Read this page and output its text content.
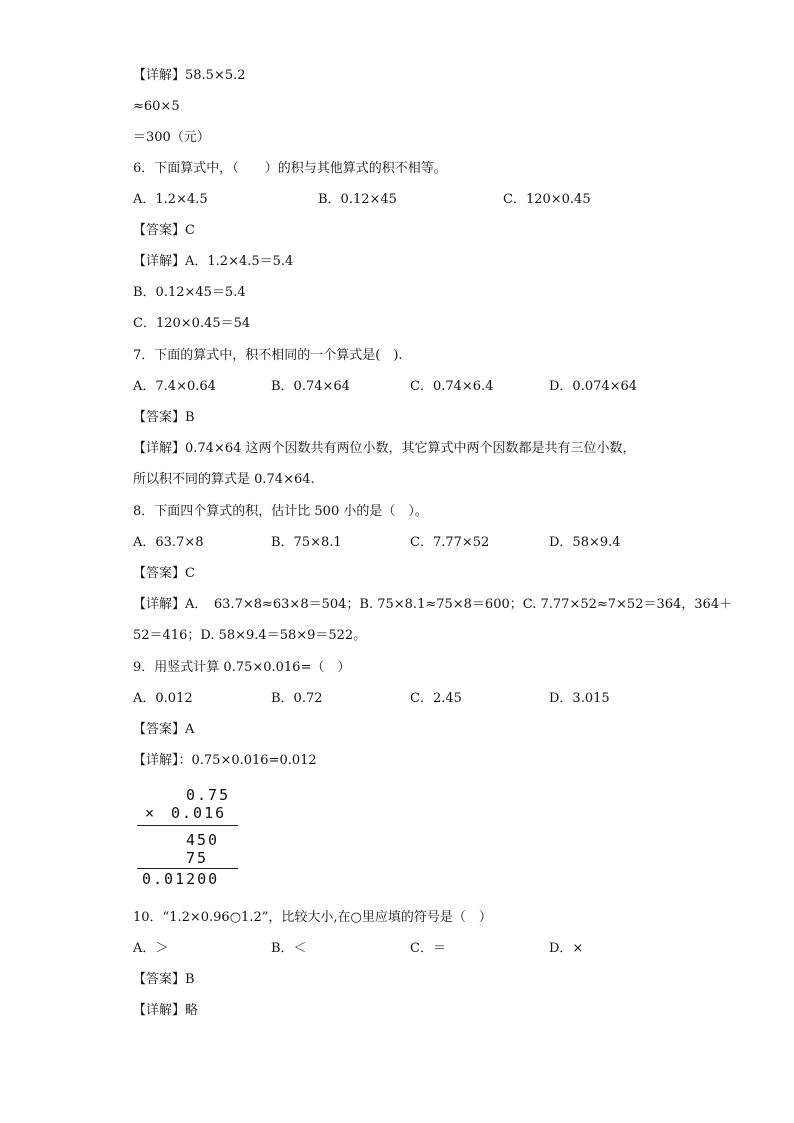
【详解】58.5×5.2
≈60×5
＝300（元）
6．下面算式中，（　　）的积与其他算式的积不相等。
A．1.2×4.5	B．0.12×45	C．120×0.45
【答案】C
【详解】A．1.2×4.5＝5.4
B．0.12×45＝5.4
C．120×0.45＝54
7．下面的算式中，积不相同的一个算式是(　).
A．7.4×0.64	B．0.74×64	C．0.74×6.4	D．0.074×64
【答案】B
【详解】0.74×64 这两个因数共有两位小数，其它算式中两个因数都是共有三位小数，
所以积不同的算式是 0.74×64.
8．下面四个算式的积，估计比 500 小的是（　）。
A．63.7×8	B．75×8.1	C．7.77×52	D．58×9.4
【答案】C
【详解】A．　63.7×8≈63×8＝504；B. 75×8.1≈75×8＝600；C. 7.77×52≈7×52＝364，364＋
52＝416；D. 58×9.4＝58×9＝522。
9．用竖式计算 0.75×0.016=（　）
A．0.012	B．0.72	C．2.45	D．3.015
【答案】A
【详解】：0.75×0.016=0.012
0.75
× 0.016
450
75
0.01200
10．“1.2×0.96○1.2”，比较大小,在○里应填的符号是（　）
A．＞	B．＜	C．＝	D．×
【答案】B
【详解】略
